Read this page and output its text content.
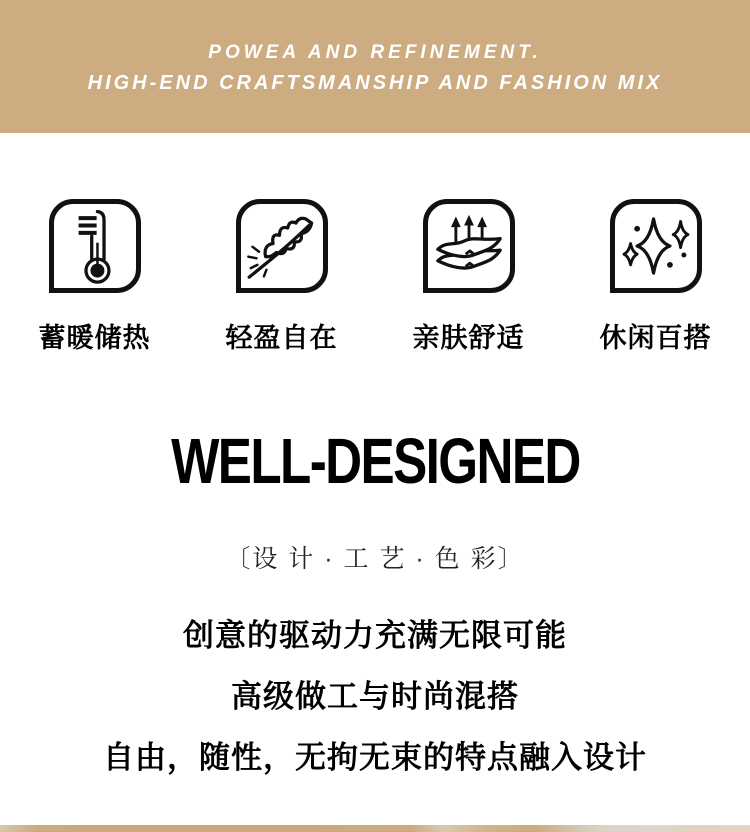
POWEA AND REFINEMENT.
HIGH-END CRAFTSMANSHIP AND FASHION MIX
蓄暖储热	轻盈自在	亲肤舒适	休闲百搭
WELL-DESIGNED
〔设 计 · 工 艺 · 色 彩〕
创意的驱动力充满无限可能
高级做工与时尚混搭
自由，随性，无拘无束的特点融入设计
